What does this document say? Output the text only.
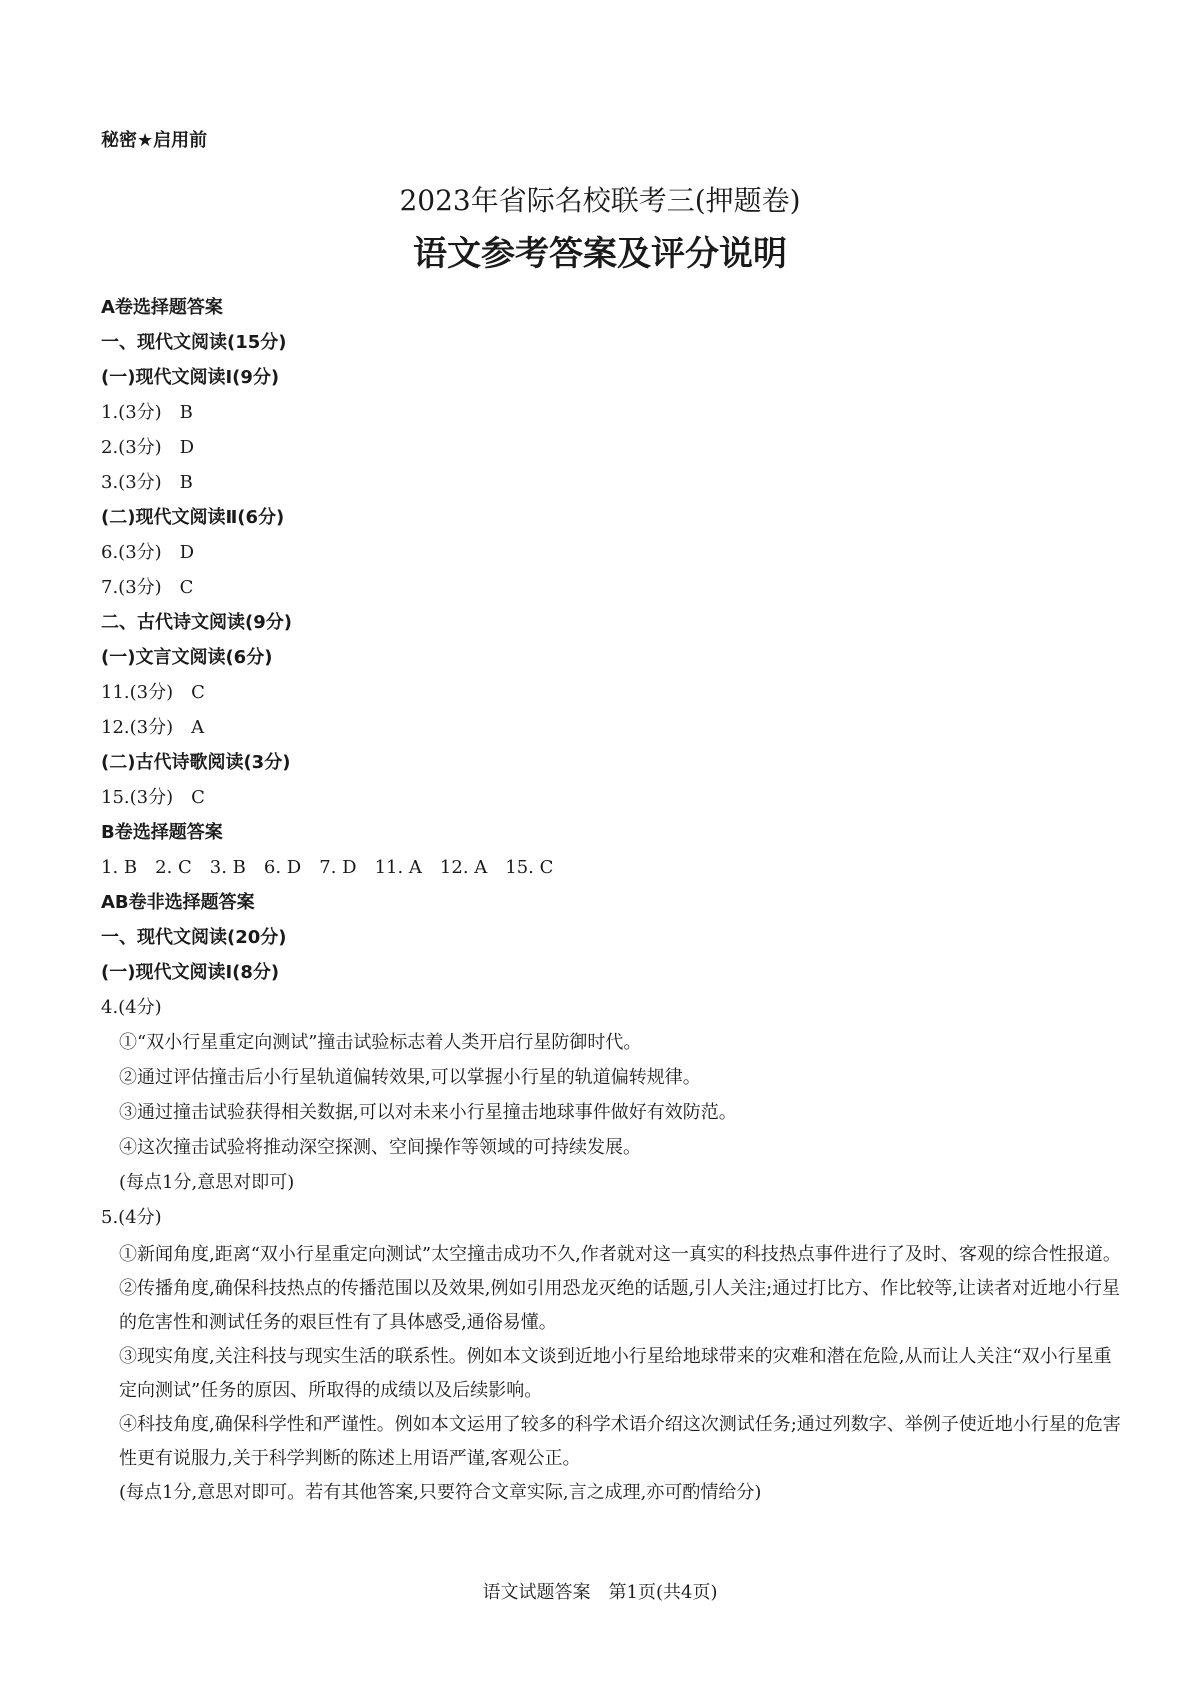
秘密★启用前
2023年省际名校联考三(押题卷)
语文参考答案及评分说明
A卷选择题答案
一、现代文阅读(15分)
(一)现代文阅读Ⅰ(9分)
1.(3分)　B
2.(3分)　D
3.(3分)　B
(二)现代文阅读Ⅱ(6分)
6.(3分)　D
7.(3分)　C
二、古代诗文阅读(9分)
(一)文言文阅读(6分)
11.(3分)　C
12.(3分)　A
(二)古代诗歌阅读(3分)
15.(3分)　C
B卷选择题答案
1. B　2. C　3. B　6. D　7. D　11. A　12. A　15. C
AB卷非选择题答案
一、现代文阅读(20分)
(一)现代文阅读Ⅰ(8分)
4.(4分)
①“双小行星重定向测试”撞击试验标志着人类开启行星防御时代。
②通过评估撞击后小行星轨道偏转效果,可以掌握小行星的轨道偏转规律。
③通过撞击试验获得相关数据,可以对未来小行星撞击地球事件做好有效防范。
④这次撞击试验将推动深空探测、空间操作等领域的可持续发展。
(每点1分,意思对即可)
5.(4分)
①新闻角度,距离“双小行星重定向测试”太空撞击成功不久,作者就对这一真实的科技热点事件进行了及时、客观的综合性报道。
②传播角度,确保科技热点的传播范围以及效果,例如引用恐龙灭绝的话题,引人关注;通过打比方、作比较等,让读者对近地小行星的危害性和测试任务的艰巨性有了具体感受,通俗易懂。
③现实角度,关注科技与现实生活的联系性。例如本文谈到近地小行星给地球带来的灾难和潜在危险,从而让人关注“双小行星重定向测试”任务的原因、所取得的成绩以及后续影响。
④科技角度,确保科学性和严谨性。例如本文运用了较多的科学术语介绍这次测试任务;通过列数字、举例子使近地小行星的危害性更有说服力,关于科学判断的陈述上用语严谨,客观公正。
(每点1分,意思对即可。若有其他答案,只要符合文章实际,言之成理,亦可酌情给分)
语文试题答案　第1页(共4页)
